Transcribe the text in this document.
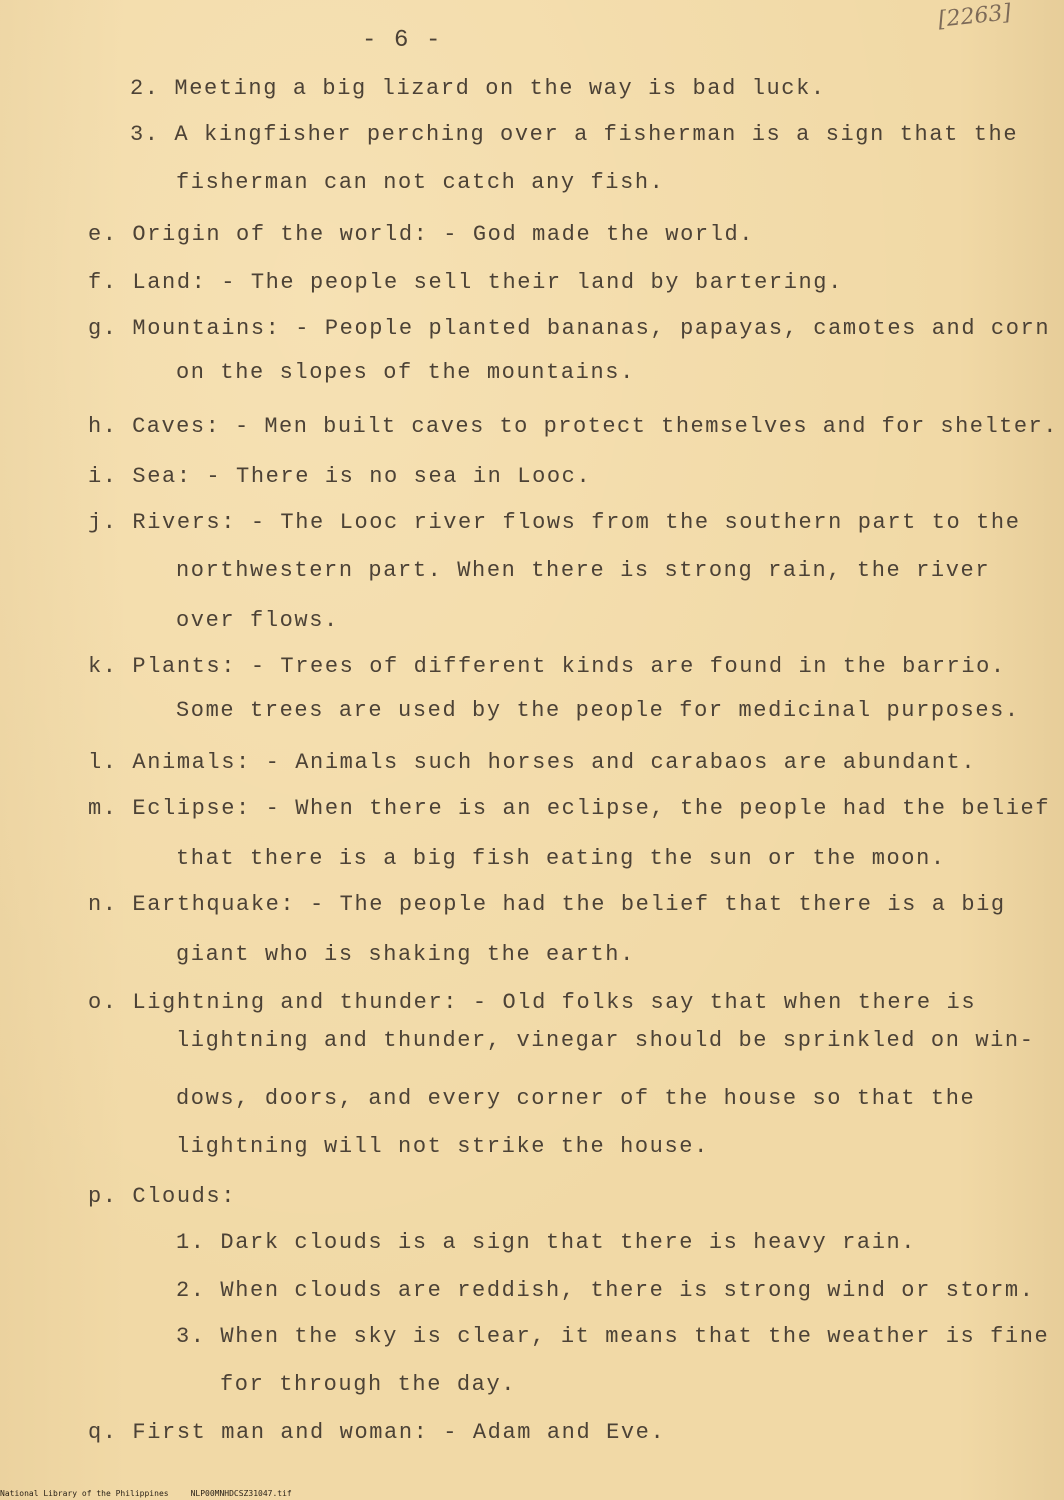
- 6 -
[2263]
2. Meeting a big lizard on the way is bad luck.
3. A kingfisher perching over a fisherman is a sign that the
fisherman can not catch any fish.
e. Origin of the world: - God made the world.
f. Land: - The people sell their land by bartering.
g. Mountains: - People planted bananas, papayas, camotes and corn
on the slopes of the mountains.
h. Caves: - Men built caves to protect themselves and for shelter.
i. Sea: - There is no sea in Looc.
j. Rivers: - The Looc river flows from the southern part to the
northwestern part. When there is strong rain, the river
over flows.
k. Plants: - Trees of different kinds are found in the barrio.
Some trees are used by the people for medicinal purposes.
l. Animals: - Animals such horses and carabaos are abundant.
m. Eclipse: - When there is an eclipse, the people had the belief
that there is a big fish eating the sun or the moon.
n. Earthquake: - The people had the belief that there is a big
giant who is shaking the earth.
o. Lightning and thunder: - Old folks say that when there is
lightning and thunder, vinegar should be sprinkled on win-
dows, doors, and every corner of the house so that the
lightning will not strike the house.
p. Clouds:
1. Dark clouds is a sign that there is heavy rain.
2. When clouds are reddish, there is strong wind or storm.
3. When the sky is clear, it means that the weather is fine
for through the day.
q. First man and woman: - Adam and Eve.
National Library of the Philippines	NLP00MNHDCSZ31047.tif
